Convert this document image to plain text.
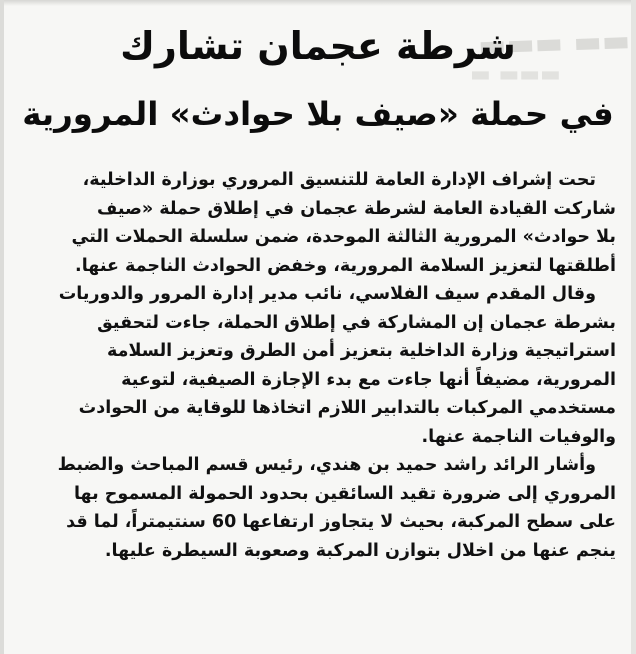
▬▬ ▬▬▬
▬▬▬ ▬
شرطة عجمان تشارك
في حملة «صيف بلا حوادث» المرورية
تحت إشراف الإدارة العامة للتنسيق المروري بوزارة الداخلية،
شاركت القيادة العامة لشرطة عجمان في إطلاق حملة «صيف
بلا حوادث» المرورية الثالثة الموحدة، ضمن سلسلة الحملات التي
أطلقتها لتعزيز السلامة المرورية، وخفض الحوادث الناجمة عنها.
وقال المقدم سيف الفلاسي، نائب مدير إدارة المرور والدوريات
بشرطة عجمان إن المشاركة في إطلاق الحملة، جاءت لتحقيق
استراتيجية وزارة الداخلية بتعزيز أمن الطرق وتعزيز السلامة
المرورية، مضيفاً أنها جاءت مع بدء الإجازة الصيفية، لتوعية
مستخدمي المركبات بالتدابير اللازم اتخاذها للوقاية من الحوادث
والوفيات الناجمة عنها.
وأشار الرائد راشد حميد بن هندي، رئيس قسم المباحث والضبط
المروري إلى ضرورة تقيد السائقين بحدود الحمولة المسموح بها
على سطح المركبة، بحيث لا يتجاوز ارتفاعها 60 سنتيمتراً، لما قد
ينجم عنها من اخلال بتوازن المركبة وصعوبة السيطرة عليها.
